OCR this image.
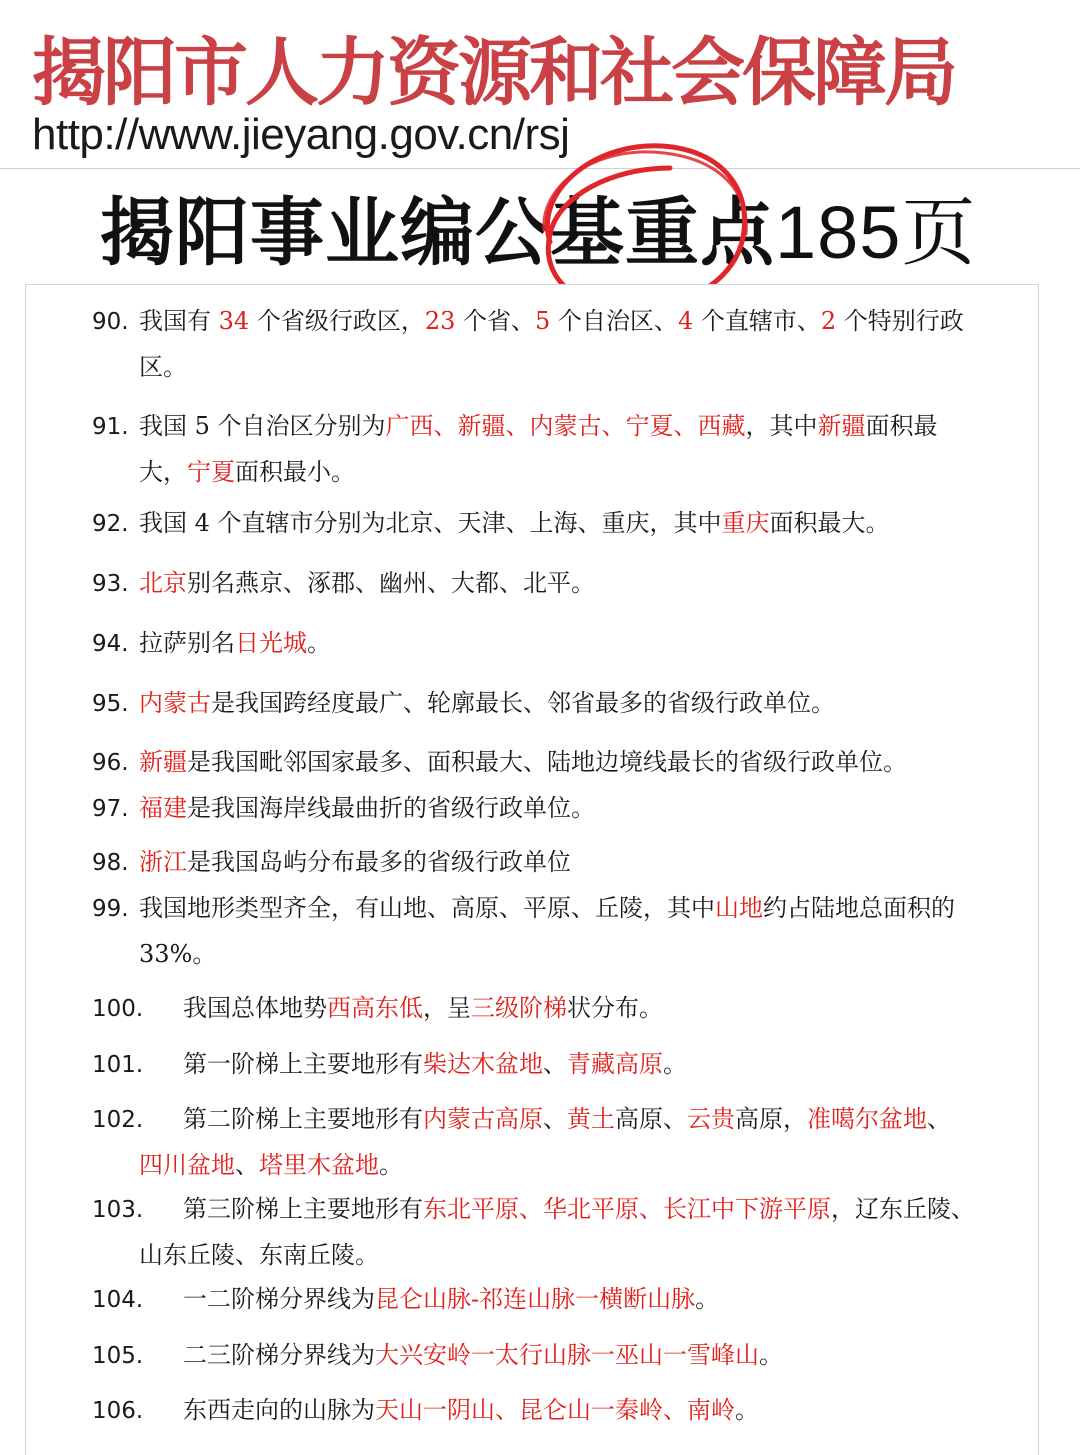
揭阳市人力资源和社会保障局
http://www.jieyang.gov.cn/rsj
揭阳事业编公基重点185页
90. 我国有 34 个省级行政区，23 个省、5 个自治区、4 个直辖市、2 个特别行政
区。
91. 我国 5 个自治区分别为广西、新疆、内蒙古、宁夏、西藏，其中新疆面积最
大，宁夏面积最小。
92. 我国 4 个直辖市分别为北京、天津、上海、重庆，其中重庆面积最大。
93. 北京别名燕京、涿郡、幽州、大都、北平。
94. 拉萨别名日光城。
95. 内蒙古是我国跨经度最广、轮廓最长、邻省最多的省级行政单位。
96. 新疆是我国毗邻国家最多、面积最大、陆地边境线最长的省级行政单位。
97. 福建是我国海岸线最曲折的省级行政单位。
98. 浙江是我国岛屿分布最多的省级行政单位
99. 我国地形类型齐全，有山地、高原、平原、丘陵，其中山地约占陆地总面积的
33%。
100. 我国总体地势西高东低，呈三级阶梯状分布。
101. 第一阶梯上主要地形有柴达木盆地、青藏高原。
102. 第二阶梯上主要地形有内蒙古高原、黄土高原、云贵高原，准噶尔盆地、
四川盆地、塔里木盆地。
103. 第三阶梯上主要地形有东北平原、华北平原、长江中下游平原，辽东丘陵、
山东丘陵、东南丘陵。
104. 一二阶梯分界线为昆仑山脉-祁连山脉一横断山脉。
105. 二三阶梯分界线为大兴安岭一太行山脉一巫山一雪峰山。
106. 东西走向的山脉为天山一阴山、昆仑山一秦岭、南岭。
